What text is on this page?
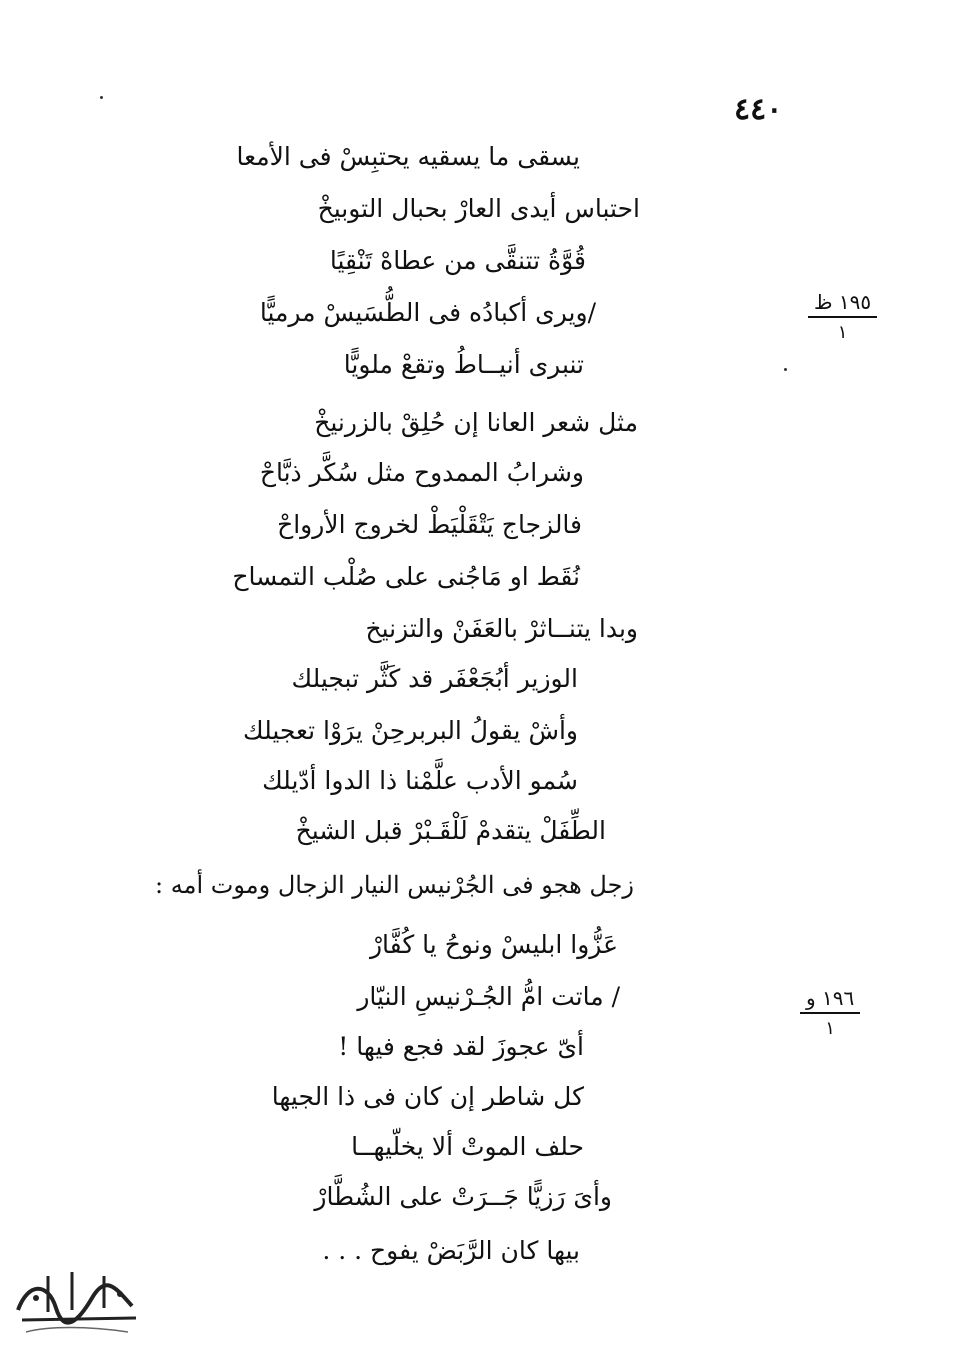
٤٤٠
يسقى ما يسقيه يحتبِسْ فى الأمعا
احتباس أيدى العارْ بحبال التوبيخْ
قُوَّةُ تتنقَّى من عطاهْ تَنْقِيًا
/ويرى أكبادُه فى الطُّسَيسْ مرميًّا
تنبرى أنيــاطُ وتقعْ ملويًّا
مثل شعر العانا إن حُلِقْ بالزرنيخْ
وشرابُ الممدوح مثل سُكَّر ذبَّاحْ
فالزجاج يَتْقَلْيَطْ لخروج الأرواحْ
نُقَط او مَاجُنى على صُلْب التمساح
وبدا يتنــاثرْ بالعَفَنْ والتزنيخ
الوزير أبُجَعْفَر قد كَثَّر تبجيلك
وأشْ يقولُ البربرحِنْ يرَوْا تعجيلك
سُمو الأدب علَّمْنا ذا الدوا أدّيلك
الطِّفَلْ يتقدمْ لَلْقَـبْرْ قبل الشيخْ
زجل هجو فى الجُرْنيس النيار الزجال وموت أمه :
عَزُّوا ابليسْ ونوحُ يا كُفَّارْ
/ ماتت امُّ الجُـرْنيسِ النيّار
أىّ عجوزَ لقد فجع فيها !
كل شاطر إن كان فى ذا الجيها
حلف الموتْ ألا يخلّيهــا
وأىَ رَزيًّا جَــرَتْ على الشُطَّارْ
بيها كان الرَّبَضْ يفوح . . .
١٩٥ ظ
١
١٩٦ و
١
